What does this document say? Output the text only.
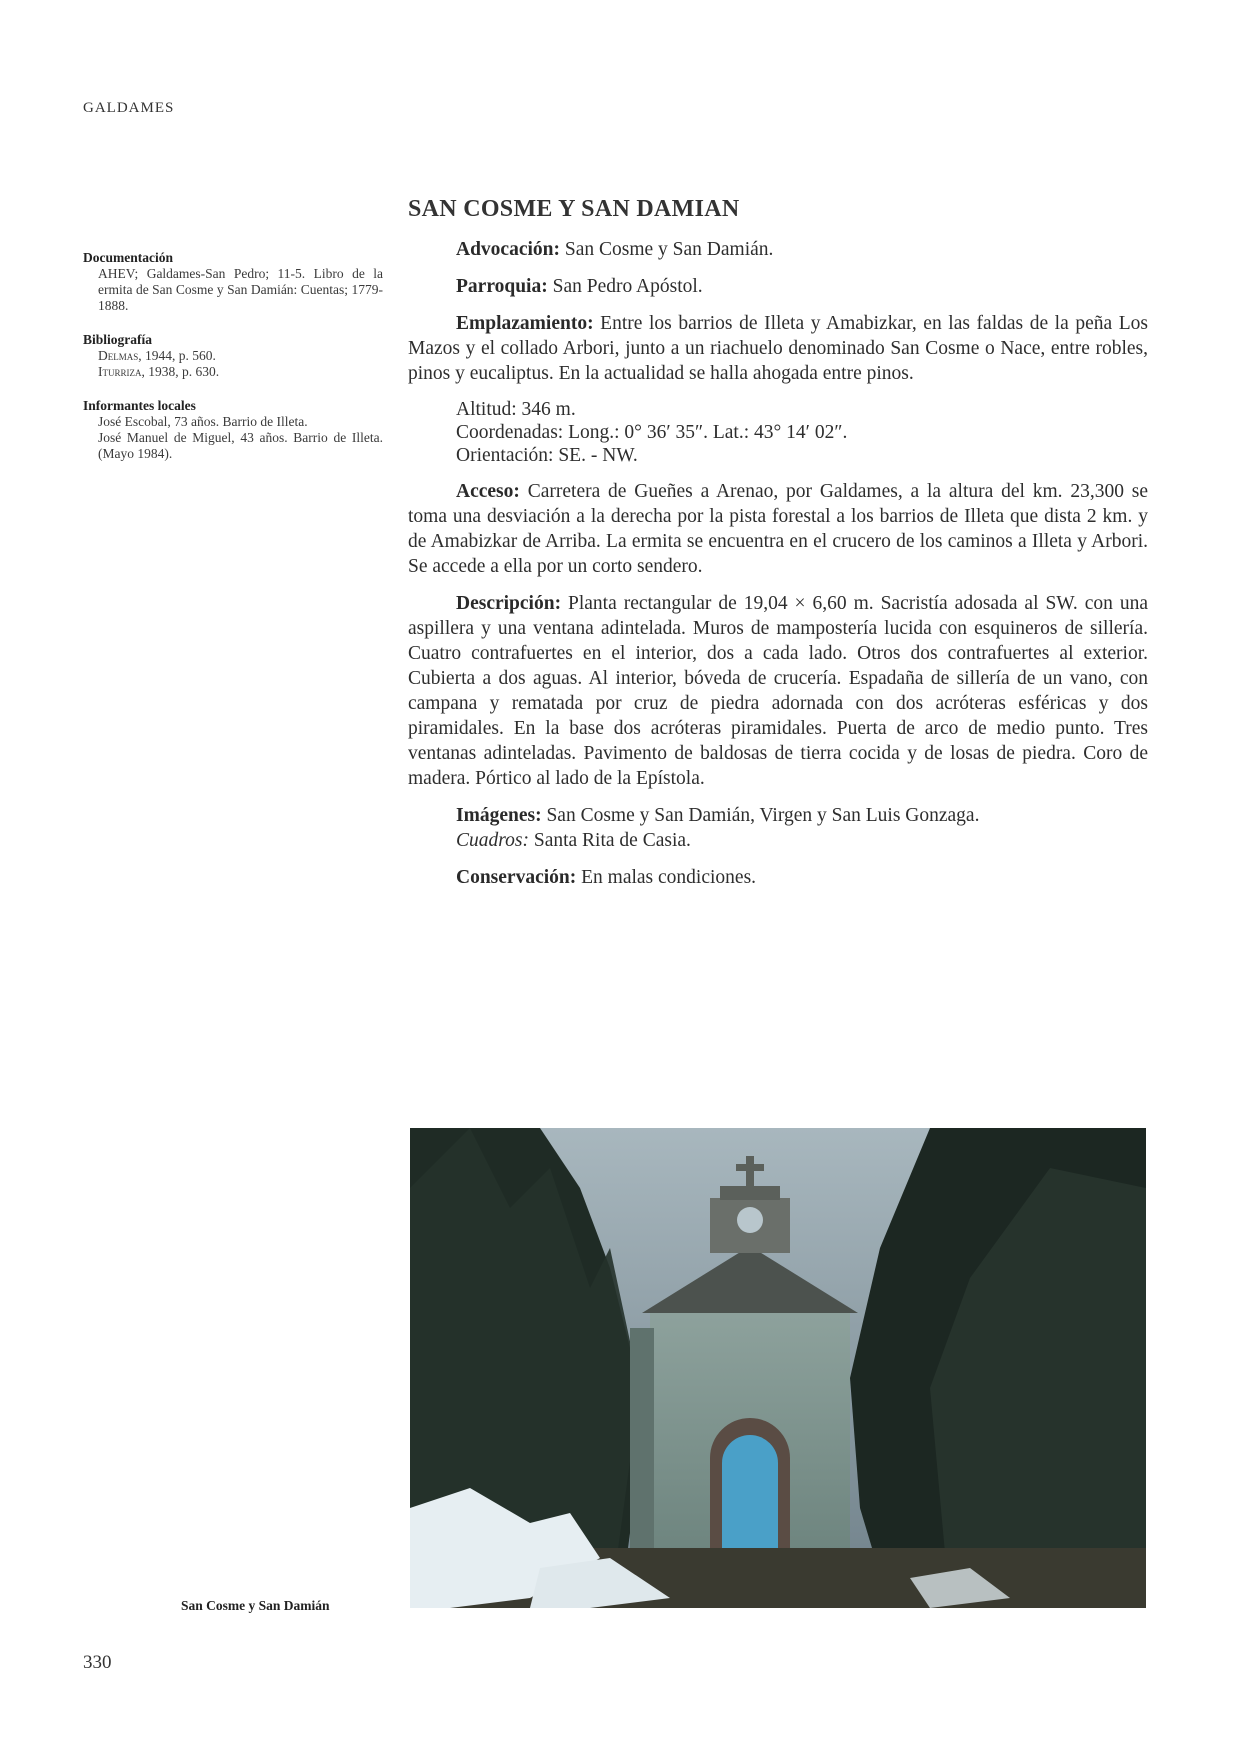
GALDAMES
Documentación
AHEV; Galdames-San Pedro; 11-5. Libro de la ermita de San Cosme y San Damián: Cuentas; 1779-1888.
Bibliografía
Delmas, 1944, p. 560.
Iturriza, 1938, p. 630.
Informantes locales
José Escobal, 73 años. Barrio de Illeta.
José Manuel de Miguel, 43 años. Barrio de Illeta. (Mayo 1984).
SAN COSME Y SAN DAMIAN

Advocación: San Cosme y San Damián.

Parroquia: San Pedro Apóstol.

Emplazamiento: Entre los barrios de Illeta y Amabizkar, en las faldas de la peña Los Mazos y el collado Arbori, junto a un riachuelo denominado San Cosme o Nace, entre robles, pinos y eucaliptus. En la actualidad se halla ahogada entre pinos.

Altitud: 346 m.
Coordenadas: Long.: 0° 36′ 35″. Lat.: 43° 14′ 02″.
Orientación: SE. - NW.

Acceso: Carretera de Gueñes a Arenao, por Galdames, a la altura del km. 23,300 se toma una desviación a la derecha por la pista forestal a los barrios de Illeta que dista 2 km. y de Amabizkar de Arriba. La ermita se encuentra en el crucero de los caminos a Illeta y Arbori. Se accede a ella por un corto sendero.

Descripción: Planta rectangular de 19,04 × 6,60 m. Sacristía adosada al SW. con una aspillera y una ventana adintelada. Muros de mampostería lucida con esquineros de sillería. Cuatro contrafuertes en el interior, dos a cada lado. Otros dos contrafuertes al exterior. Cubierta a dos aguas. Al interior, bóveda de crucería. Espadaña de sillería de un vano, con campana y rematada por cruz de piedra adornada con dos acróteras esféricas y dos piramidales. En la base dos acróteras piramidales. Puerta de arco de medio punto. Tres ventanas adinteladas. Pavimento de baldosas de tierra cocida y de losas de piedra. Coro de madera. Pórtico al lado de la Epístola.

Imágenes: San Cosme y San Damián, Virgen y San Luis Gonzaga.
Cuadros: Santa Rita de Casia.

Conservación: En malas condiciones.

San Cosme y San Damián
330
